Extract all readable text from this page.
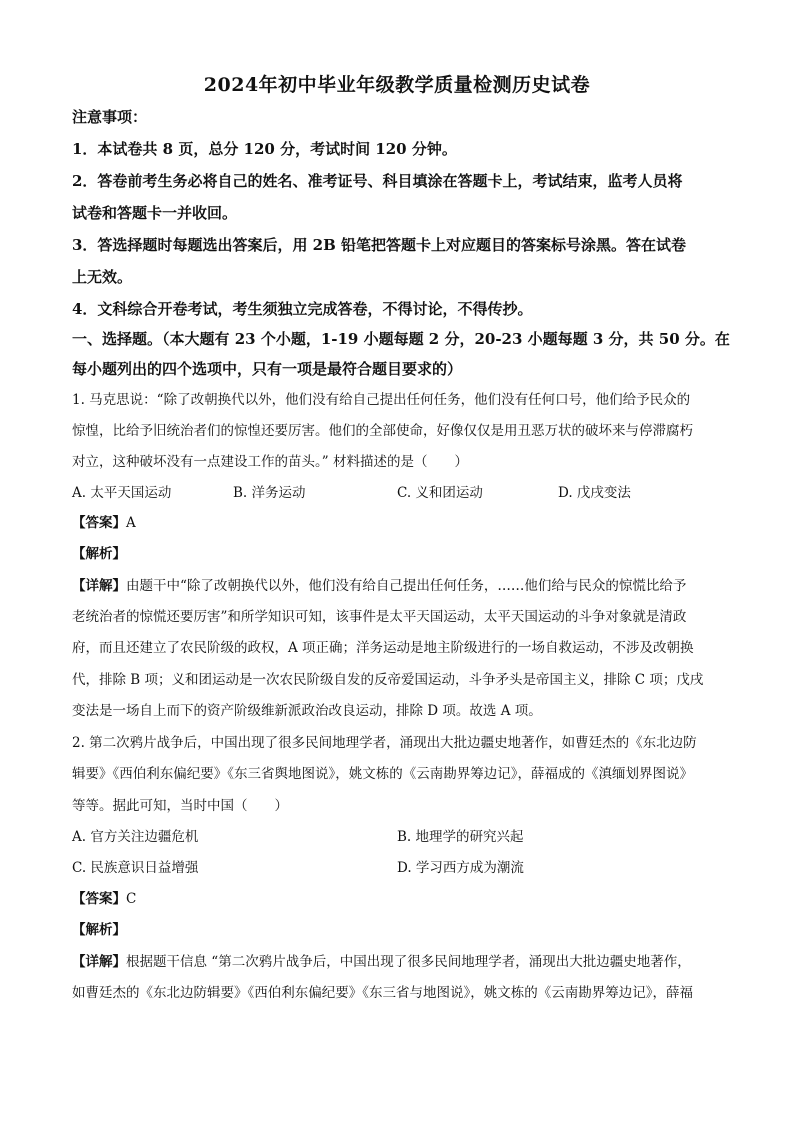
2024年初中毕业年级教学质量检测历史试卷
注意事项：
1．本试卷共 8 页，总分 120 分，考试时间 120 分钟。
2．答卷前考生务必将自己的姓名、准考证号、科目填涂在答题卡上，考试结束，监考人员将
试卷和答题卡一并收回。
3．答选择题时每题选出答案后，用 2B 铅笔把答题卡上对应题目的答案标号涂黑。答在试卷
上无效。
4．文科综合开卷考试，考生须独立完成答卷，不得讨论，不得传抄。
一、选择题。（本大题有 23 个小题，1-19 小题每题 2 分，20-23 小题每题 3 分，共 50 分。在
每小题列出的四个选项中，只有一项是最符合题目要求的）
1. 马克思说：“除了改朝换代以外，他们没有给自己提出任何任务，他们没有任何口号，他们给予民众的
惊惶，比给予旧统治者们的惊惶还要厉害。他们的全部使命，好像仅仅是用丑恶万状的破坏来与停滞腐朽
对立，这种破坏没有一点建设工作的苗头。” 材料描述的是（　　）
A. 太平天国运动	B. 洋务运动	C. 义和团运动	D. 戊戌变法
【答案】A
【解析】
【详解】由题干中“除了改朝换代以外，他们没有给自己提出任何任务，……他们给与民众的惊慌比给予
老统治者的惊慌还要厉害”和所学知识可知，该事件是太平天国运动，太平天国运动的斗争对象就是清政
府，而且还建立了农民阶级的政权，A 项正确；洋务运动是地主阶级进行的一场自救运动，不涉及改朝换
代，排除 B 项；义和团运动是一次农民阶级自发的反帝爱国运动，斗争矛头是帝国主义，排除 C 项；戊戌
变法是一场自上而下的资产阶级维新派政治改良运动，排除 D 项。故选 A 项。
2. 第二次鸦片战争后，中国出现了很多民间地理学者，涌现出大批边疆史地著作，如曹廷杰的《东北边防
辑要》《西伯利东偏纪要》《东三省舆地图说》，姚文栋的《云南勘界筹边记》，薛福成的《滇缅划界图说》
等等。据此可知，当时中国（　　）
A. 官方关注边疆危机	B. 地理学的研究兴起
C. 民族意识日益增强	D. 学习西方成为潮流
【答案】C
【解析】
【详解】根据题干信息 “第二次鸦片战争后，中国出现了很多民间地理学者，涌现出大批边疆史地著作，
如曹廷杰的《东北边防辑要》《西伯利东偏纪要》《东三省与地图说》，姚文栋的《云南勘界筹边记》，薛福
